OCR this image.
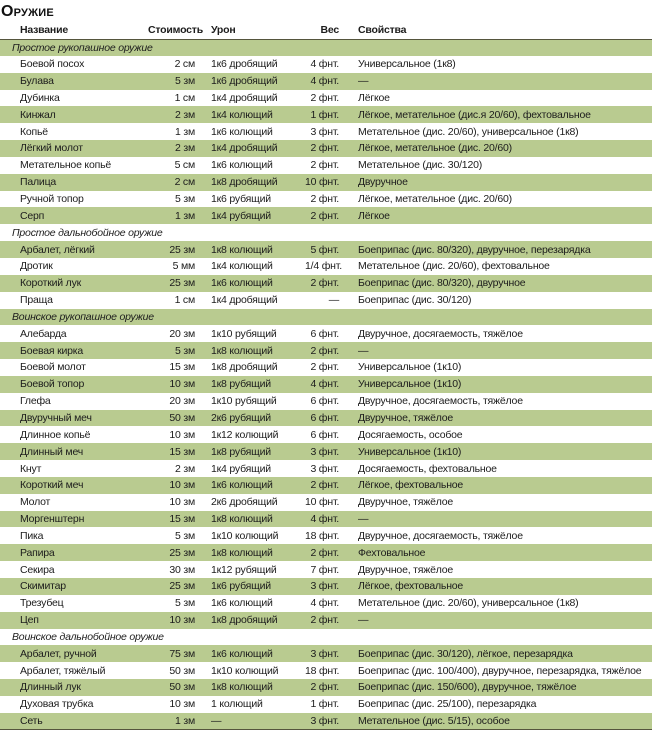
Оружие
Название	Стоимость	Урон	Вес	Свойства
Простое рукопашное оружие				
Боевой посох	2 см	1к6 дробящий	4 фнт.	Универсальное (1к8)
Булава	5 зм	1к6 дробящий	4 фнт.	—
Дубинка	1 см	1к4 дробящий	2 фнт.	Лёгкое
Кинжал	2 зм	1к4 колющий	1 фнт.	Лёгкое, метательное (дис.я 20/60), фехтовальное
Копьё	1 зм	1к6 колющий	3 фнт.	Метательное (дис. 20/60), универсальное (1к8)
Лёгкий молот	2 зм	1к4 дробящий	2 фнт.	Лёгкое, метательное (дис. 20/60)
Метательное копьё	5 см	1к6 колющий	2 фнт.	Метательное (дис. 30/120)
Палица	2 см	1к8 дробящий	10 фнт.	Двуручное
Ручной топор	5 зм	1к6 рубящий	2 фнт.	Лёгкое, метательное (дис. 20/60)
Серп	1 зм	1к4 рубящий	2 фнт.	Лёгкое
Простое дальнобойное оружие				
Арбалет, лёгкий	25 зм	1к8 колющий	5 фнт.	Боеприпас (дис. 80/320), двуручное, перезарядка
Дротик	5 мм	1к4 колющий	1/4 фнт.	Метательное (дис. 20/60), фехтовальное
Короткий лук	25 зм	1к6 колющий	2 фнт.	Боеприпас (дис. 80/320), двуручное
Праща	1 см	1к4 дробящий	—	Боеприпас (дис. 30/120)
Воинское рукопашное оружие				
Алебарда	20 зм	1к10 рубящий	6 фнт.	Двуручное, досягаемость, тяжёлое
Боевая кирка	5 зм	1к8 колющий	2 фнт.	—
Боевой молот	15 зм	1к8 дробящий	2 фнт.	Универсальное (1к10)
Боевой топор	10 зм	1к8 рубящий	4 фнт.	Универсальное (1к10)
Глефа	20 зм	1к10 рубящий	6 фнт.	Двуручное, досягаемость, тяжёлое
Двуручный меч	50 зм	2к6 рубящий	6 фнт.	Двуручное, тяжёлое
Длинное копьё	10 зм	1к12 колющий	6 фнт.	Досягаемость, особое
Длинный меч	15 зм	1к8 рубящий	3 фнт.	Универсальное (1к10)
Кнут	2 зм	1к4 рубящий	3 фнт.	Досягаемость, фехтовальное
Короткий меч	10 зм	1к6 колющий	2 фнт.	Лёгкое, фехтовальное
Молот	10 зм	2к6 дробящий	10 фнт.	Двуручное, тяжёлое
Моргенштерн	15 зм	1к8 колющий	4 фнт.	—
Пика	5 зм	1к10 колющий	18 фнт.	Двуручное, досягаемость, тяжёлое
Рапира	25 зм	1к8 колющий	2 фнт.	Фехтовальное
Секира	30 зм	1к12 рубящий	7 фнт.	Двуручное, тяжёлое
Скимитар	25 зм	1к6 рубящий	3 фнт.	Лёгкое, фехтовальное
Трезубец	5 зм	1к6 колющий	4 фнт.	Метательное (дис. 20/60), универсальное (1к8)
Цеп	10 зм	1к8 дробящий	2 фнт.	—
Воинское дальнобойное оружие				
Арбалет, ручной	75 зм	1к6 колющий	3 фнт.	Боеприпас (дис. 30/120), лёгкое, перезарядка
Арбалет, тяжёлый	50 зм	1к10 колющий	18 фнт.	Боеприпас (дис. 100/400), двуручное, перезарядка, тяжёлое
Длинный лук	50 зм	1к8 колющий	2 фнт.	Боеприпас (дис. 150/600), двуручное, тяжёлое
Духовая трубка	10 зм	1 колющий	1 фнт.	Боеприпас (дис. 25/100), перезарядка
Сеть	1 зм	—	3 фнт.	Метательное (дис. 5/15), особое
